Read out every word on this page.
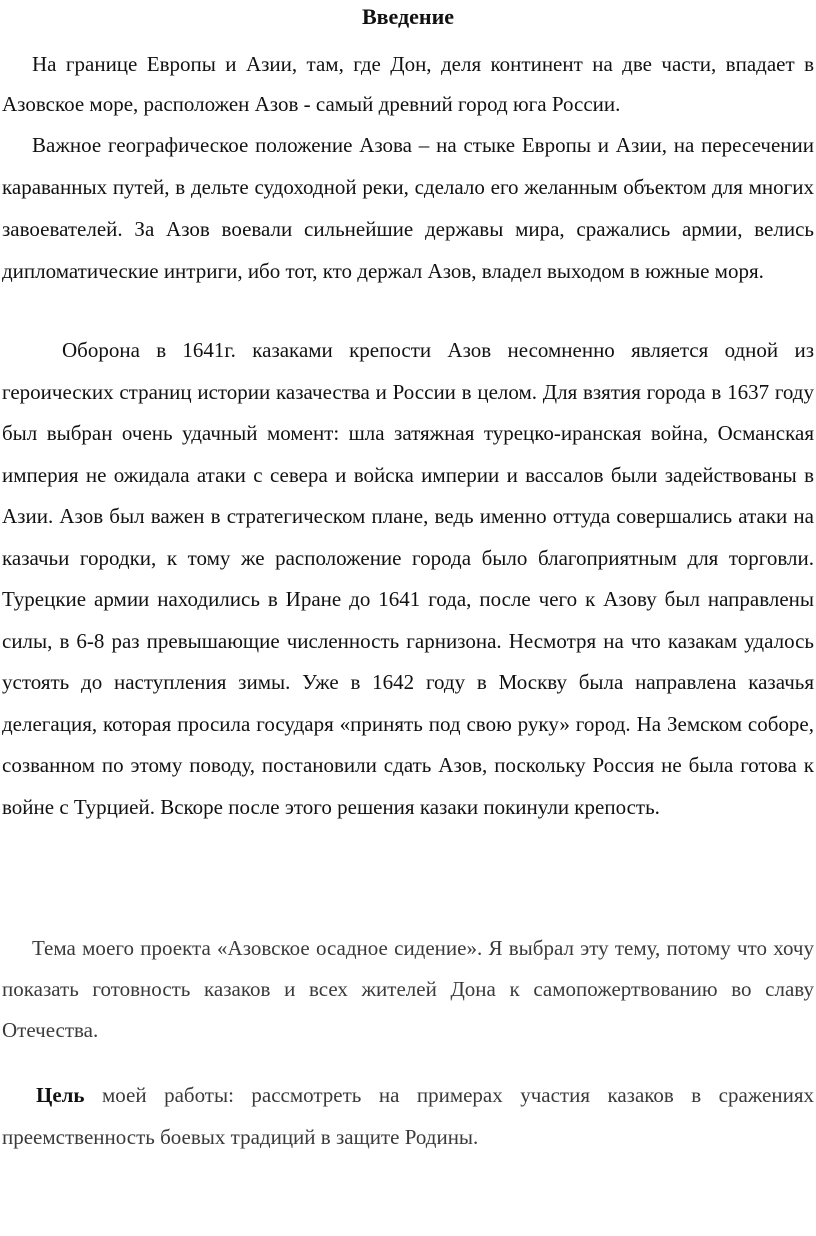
Введение

На границе Европы и Азии, там, где Дон, деля континент на две части, впадает в Азовское море, расположен Азов - самый древний город юга России.

Важное географическое положение Азова – на стыке Европы и Азии, на пересечении караванных путей, в дельте судоходной реки, сделало его желанным объектом для многих завоевателей. За Азов воевали сильнейшие державы мира, сражались армии, велись дипломатические интриги, ибо тот, кто держал Азов, владел выходом в южные моря.

Оборона в 1641г. казаками крепости Азов несомненно является одной из героических страниц истории казачества и России в целом. Для взятия города в 1637 году был выбран очень удачный момент: шла затяжная турецко-иранская война, Османская империя не ожидала атаки с севера и войска империи и вассалов были задействованы в Азии. Азов был важен в стратегическом плане, ведь именно оттуда совершались атаки на казачьи городки, к тому же расположение города было благоприятным для торговли. Турецкие армии находились в Иране до 1641 года, после чего к Азову был направлены силы, в 6-8 раз превышающие численность гарнизона. Несмотря на что казакам удалось устоять до наступления зимы. Уже в 1642 году в Москву была направлена казачья делегация, которая просила государя «принять под свою руку» город. На Земском соборе, созванном по этому поводу, постановили сдать Азов, поскольку Россия не была готова к войне с Турцией. Вскоре после этого решения казаки покинули крепость.

Тема моего проекта «Азовское осадное сидение». Я выбрал эту тему, потому что хочу показать готовность казаков и всех жителей Дона к самопожертвованию во славу Отечества.

Цель моей работы: рассмотреть на примерах участия казаков в сражениях преемственность боевых традиций в защите Родины.
